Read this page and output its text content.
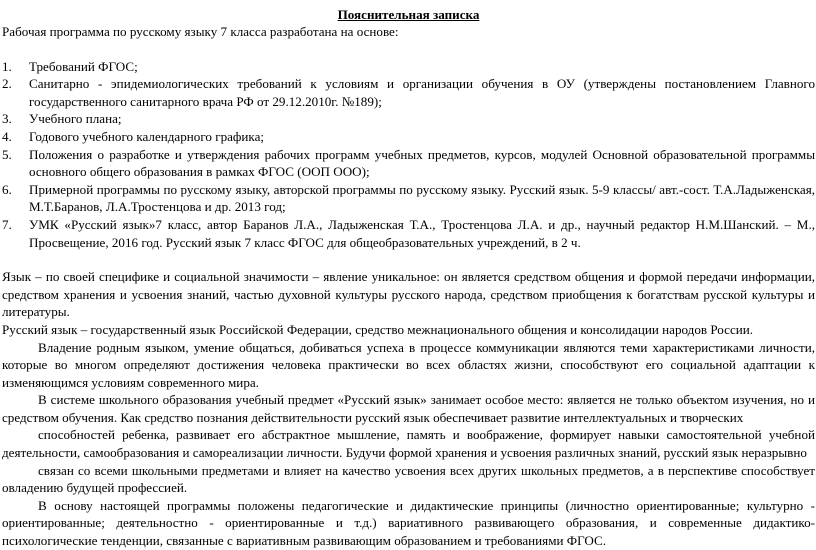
Пояснительная записка
Рабочая программа по русскому языку 7 класса разработана на основе:
1. Требований ФГОС;
2. Санитарно - эпидемиологических требований к условиям и организации обучения в ОУ (утверждены постановлением Главного государственного санитарного врача РФ от 29.12.2010г. №189);
3. Учебного плана;
4. Годового учебного календарного графика;
5. Положения о разработке и утверждения рабочих программ учебных предметов, курсов, модулей Основной образовательной программы основного общего образования в рамках ФГОС (ООП ООО);
6. Примерной программы по русскому языку, авторской программы по русскому языку. Русский язык. 5-9 классы/ авт.-сост. Т.А.Ладыженская, М.Т.Баранов, Л.А.Тростенцова и др. 2013 год;
7. УМК «Русский язык»7 класс, автор Баранов Л.А., Ладыженская Т.А., Тростенцова Л.А. и др., научный редактор Н.М.Шанский. – М., Просвещение, 2016 год. Русский язык 7 класс ФГОС для общеобразовательных учреждений, в 2 ч.

Язык – по своей специфике и социальной значимости – явление уникальное: он является средством общения и формой передачи информации, средством хранения и усвоения знаний, частью духовной культуры русского народа, средством приобщения к богатствам русской культуры и литературы.

Русский язык – государственный язык Российской Федерации, средство межнационального общения и консолидации народов России.

Владение родным языком, умение общаться, добиваться успеха в процессе коммуникации являются теми характеристиками личности, которые во многом определяют достижения человека практически во всех областях жизни, способствуют его социальной адаптации к изменяющимся условиям современного мира.

В системе школьного образования учебный предмет «Русский язык» занимает особое место: является не только объектом изучения, но и средством обучения. Как средство познания действительности русский язык обеспечивает развитие интеллектуальных и творческих

способностей ребенка, развивает его абстрактное мышление, память и воображение, формирует навыки самостоятельной учебной деятельности, самообразования и самореализации личности. Будучи формой хранения и усвоения различных знаний, русский язык неразрывно

связан со всеми школьными предметами и влияет на качество усвоения всех других школьных предметов, а в перспективе способствует овладению будущей профессией.

В основу настоящей программы положены педагогические и дидактические принципы (личностно ориентированные; культурно - ориентированные; деятельностно - ориентированные и т.д.) вариативного развивающего образования, и современные дидактико-психологические тенденции, связанные с вариативным развивающим образованием и требованиями ФГОС.
